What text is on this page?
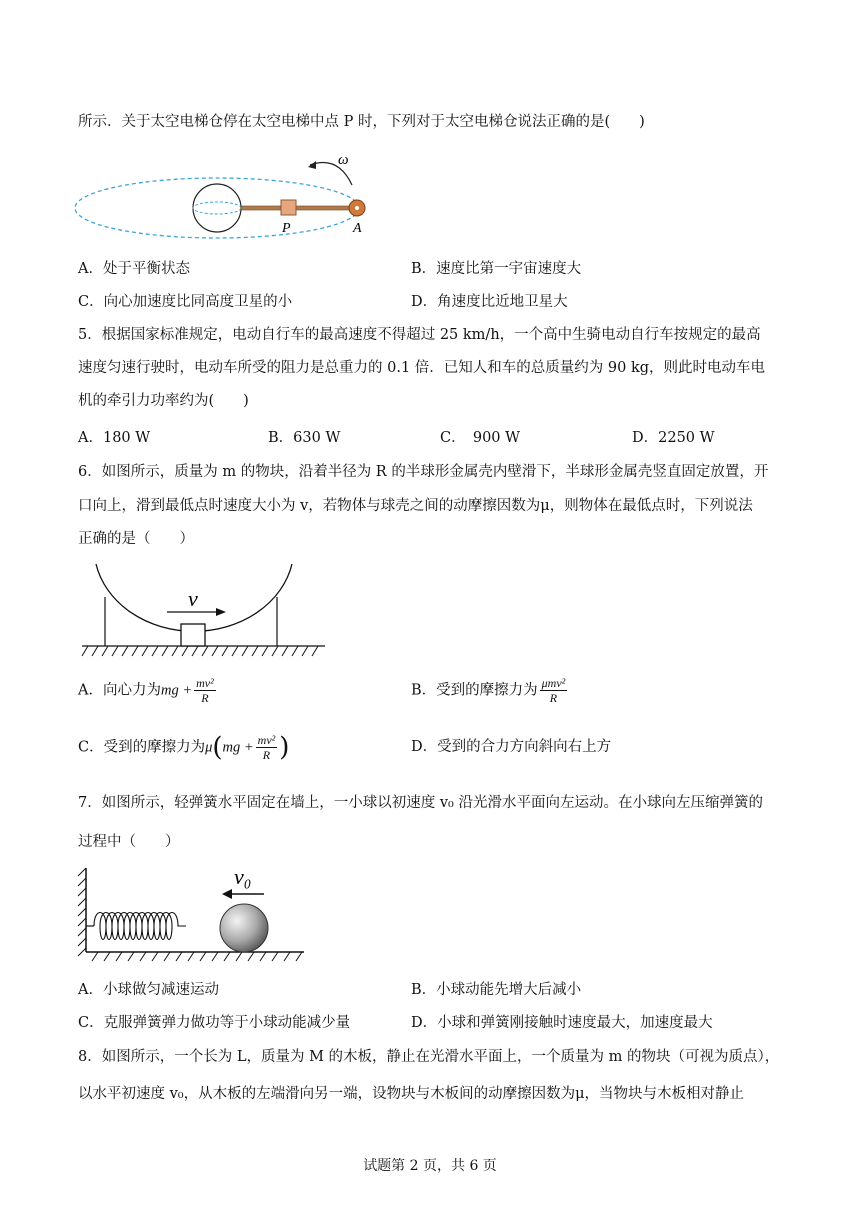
所示．关于太空电梯仓停在太空电梯中点 P 时，下列对于太空电梯仓说法正确的是(　　)
ω
P	A
A．处于平衡状态	B．速度比第一宇宙速度大
C．向心加速度比同高度卫星的小	D．角速度比近地卫星大
5．根据国家标准规定，电动自行车的最高速度不得超过 25 km/h，一个高中生骑电动自行车按规定的最高
速度匀速行驶时，电动车所受的阻力是总重力的 0.1 倍．已知人和车的总质量约为 90 kg，则此时电动车电
机的牵引力功率约为(　　)
A．180 W	B．630 W	C．　900 W	D．2250 W
6．如图所示，质量为 m 的物块，沿着半径为 R 的半球形金属壳内壁滑下，半球形金属壳竖直固定放置，开
口向上，滑到最低点时速度大小为 v，若物体与球壳之间的动摩擦因数为μ，则物体在最低点时，下列说法
正确的是（　　）
v
A．向心力为mg + $\frac{\text{mv²}}{R}$	B．受到的摩擦力为 $\frac{\text{μmv²}}{R}$
C．受到的摩擦力为$\mu(mg + \frac{\text{mv²}}{R}$ )	D．受到的合力方向斜向右上方
7．如图所示，轻弹簧水平固定在墙上，一小球以初速度 v₀ 沿光滑水平面向左运动。在小球向左压缩弹簧的
过程中（　　）
v₀
A．小球做匀减速运动	B．小球动能先增大后减小
C．克服弹簧弹力做功等于小球动能减少量	D．小球和弹簧刚接触时速度最大，加速度最大
8．如图所示，一个长为 L，质量为 M 的木板，静止在光滑水平面上，一个质量为 m 的物块（可视为质点），
以水平初速度 v₀，从木板的左端滑向另一端，设物块与木板间的动摩擦因数为μ，当物块与木板相对静止
试题第 2 页，共 6 页
